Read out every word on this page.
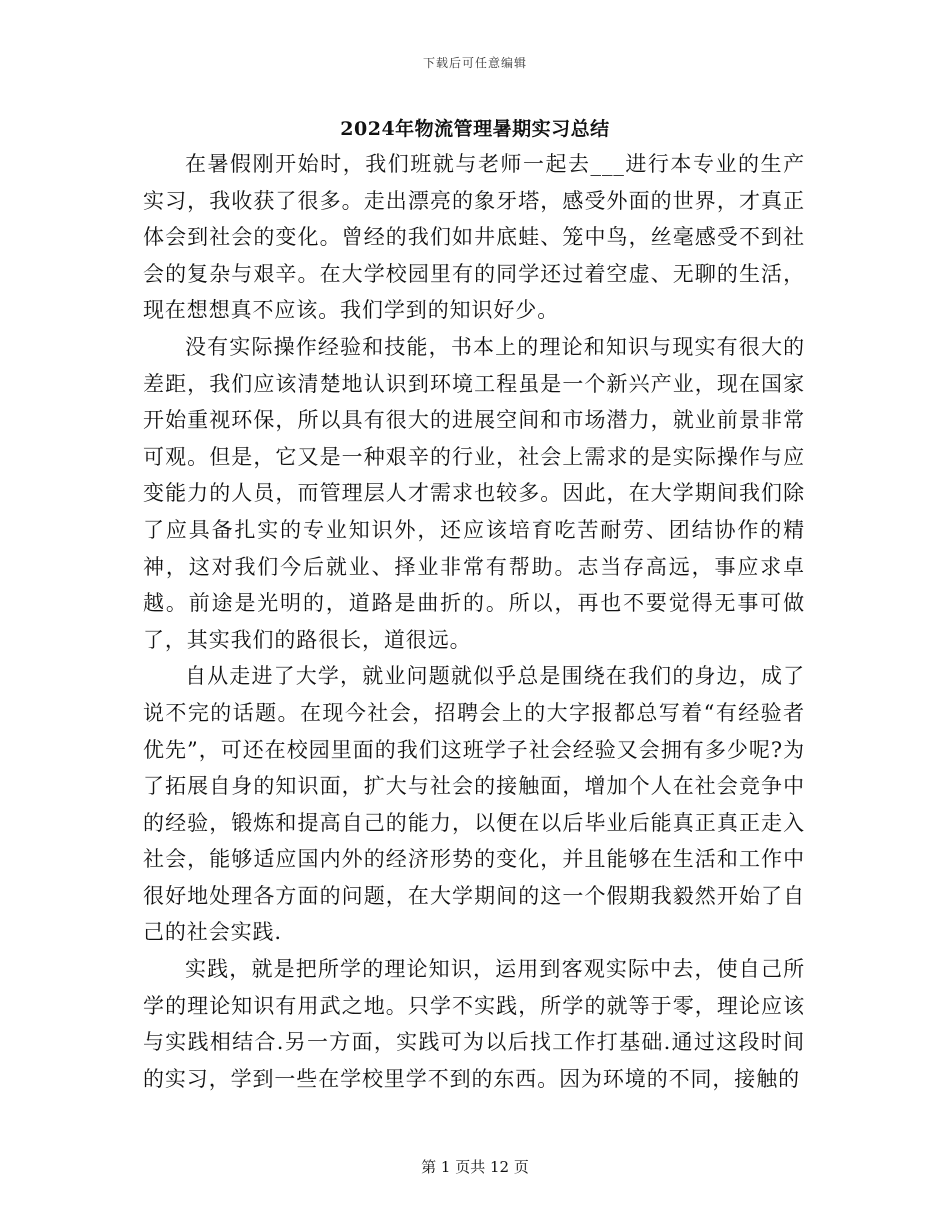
下载后可任意编辑
2024年物流管理暑期实习总结

在暑假刚开始时，我们班就与老师一起去___进行本专业的生产实习，我收获了很多。走出漂亮的象牙塔，感受外面的世界，才真正体会到社会的变化。曾经的我们如井底蛙、笼中鸟，丝毫感受不到社会的复杂与艰辛。在大学校园里有的同学还过着空虚、无聊的生活，现在想想真不应该。我们学到的知识好少。

没有实际操作经验和技能，书本上的理论和知识与现实有很大的差距，我们应该清楚地认识到环境工程虽是一个新兴产业，现在国家开始重视环保，所以具有很大的进展空间和市场潜力，就业前景非常可观。但是，它又是一种艰辛的行业，社会上需求的是实际操作与应变能力的人员，而管理层人才需求也较多。因此，在大学期间我们除了应具备扎实的专业知识外，还应该培育吃苦耐劳、团结协作的精神，这对我们今后就业、择业非常有帮助。志当存高远，事应求卓越。前途是光明的，道路是曲折的。所以，再也不要觉得无事可做了，其实我们的路很长，道很远。

自从走进了大学，就业问题就似乎总是围绕在我们的身边，成了说不完的话题。在现今社会，招聘会上的大字报都总写着“有经验者优先”，可还在校园里面的我们这班学子社会经验又会拥有多少呢?为了拓展自身的知识面，扩大与社会的接触面，增加个人在社会竞争中的经验，锻炼和提高自己的能力，以便在以后毕业后能真正真正走入社会，能够适应国内外的经济形势的变化，并且能够在生活和工作中很好地处理各方面的问题，在大学期间的这一个假期我毅然开始了自己的社会实践.

实践，就是把所学的理论知识，运用到客观实际中去，使自己所学的理论知识有用武之地。只学不实践，所学的就等于零，理论应该与实践相结合.另一方面，实践可为以后找工作打基础.通过这段时间的实习，学到一些在学校里学不到的东西。因为环境的不同，接触的

第 1 页共 12 页
